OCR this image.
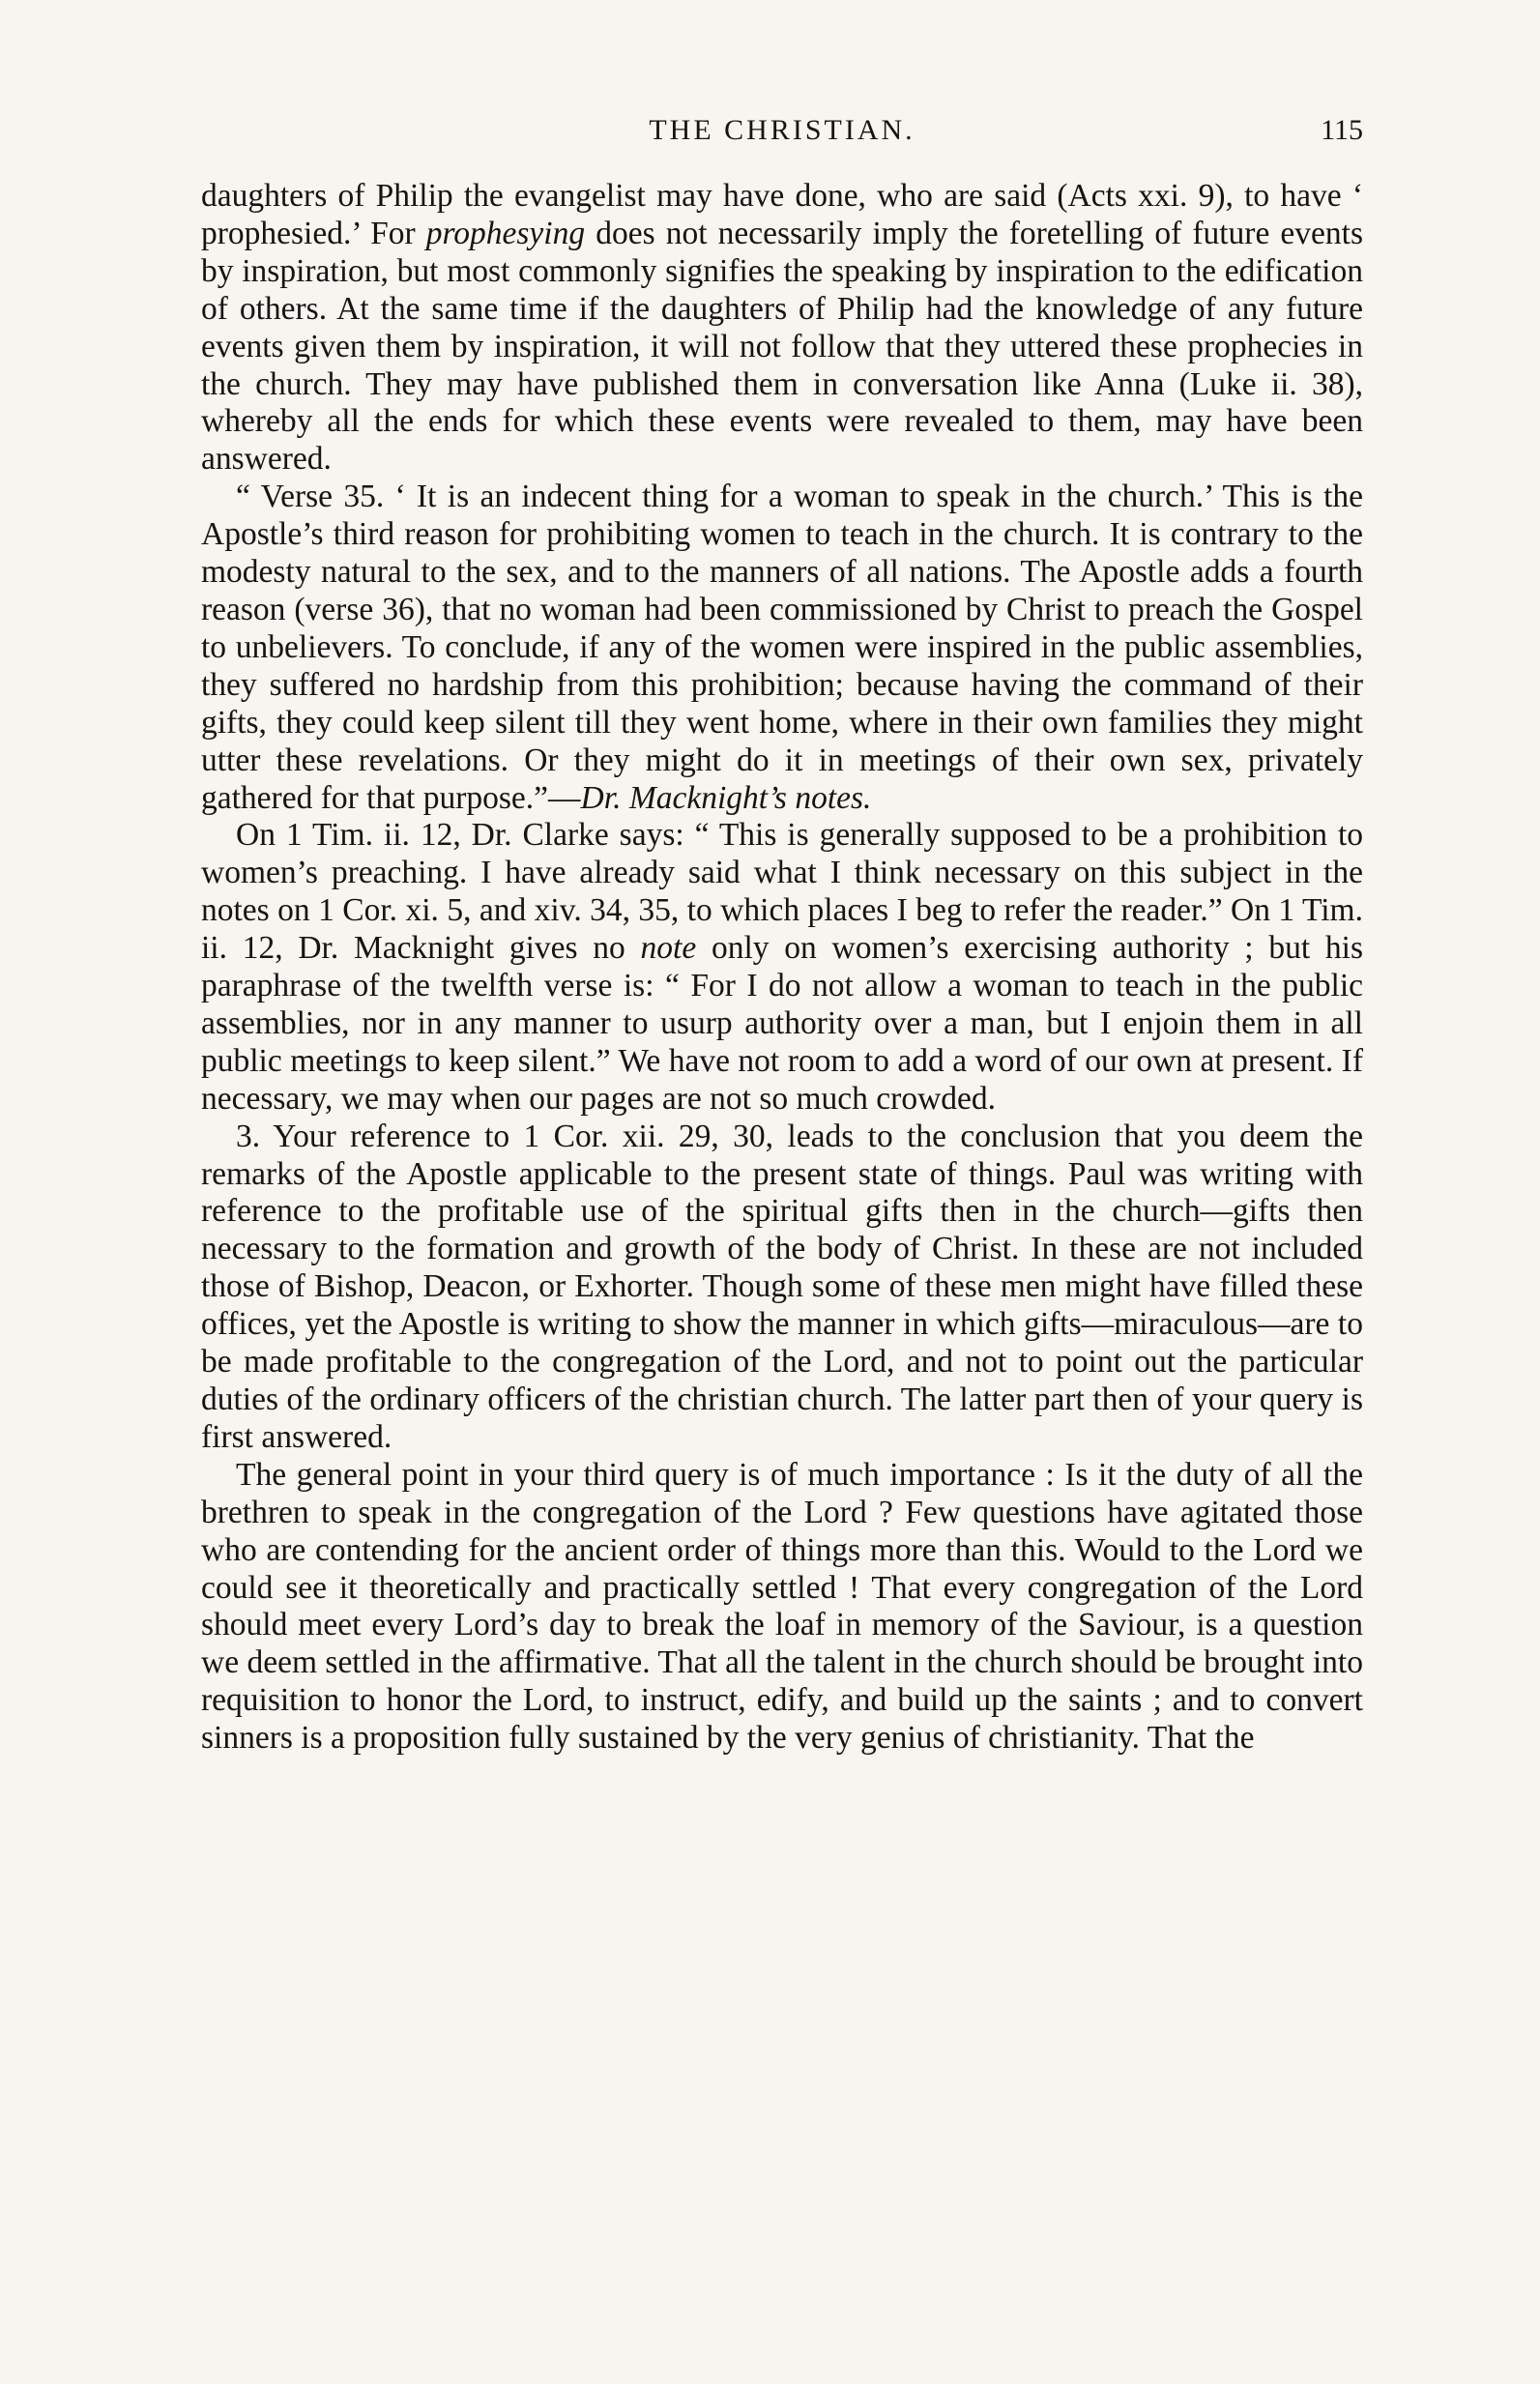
THE CHRISTIAN.	115

daughters of Philip the evangelist may have done, who are said (Acts xxi. 9), to have ‘ prophesied.’ For prophesying does not necessarily imply the foretelling of future events by inspiration, but most commonly signifies the speaking by inspiration to the edification of others. At the same time if the daughters of Philip had the knowledge of any future events given them by inspiration, it will not follow that they uttered these prophecies in the church. They may have published them in conversation like Anna (Luke ii. 38), whereby all the ends for which these events were revealed to them, may have been answered.

“ Verse 35. ‘ It is an indecent thing for a woman to speak in the church.’ This is the Apostle’s third reason for prohibiting women to teach in the church. It is contrary to the modesty natural to the sex, and to the manners of all nations. The Apostle adds a fourth reason (verse 36), that no woman had been commissioned by Christ to preach the Gospel to unbelievers. To conclude, if any of the women were inspired in the public assemblies, they suffered no hardship from this prohibition; because having the command of their gifts, they could keep silent till they went home, where in their own families they might utter these revelations. Or they might do it in meetings of their own sex, privately gathered for that purpose.”—Dr. Macknight’s notes.

On 1 Tim. ii. 12, Dr. Clarke says: “ This is generally supposed to be a prohibition to women’s preaching. I have already said what I think necessary on this subject in the notes on 1 Cor. xi. 5, and xiv. 34, 35, to which places I beg to refer the reader.” On 1 Tim. ii. 12, Dr. Macknight gives no note only on women’s exercising authority ; but his paraphrase of the twelfth verse is: “ For I do not allow a woman to teach in the public assemblies, nor in any manner to usurp authority over a man, but I enjoin them in all public meetings to keep silent.” We have not room to add a word of our own at present. If necessary, we may when our pages are not so much crowded.

3. Your reference to 1 Cor. xii. 29, 30, leads to the conclusion that you deem the remarks of the Apostle applicable to the present state of things. Paul was writing with reference to the profitable use of the spiritual gifts then in the church—gifts then necessary to the formation and growth of the body of Christ. In these are not included those of Bishop, Deacon, or Exhorter. Though some of these men might have filled these offices, yet the Apostle is writing to show the manner in which gifts—miraculous—are to be made profitable to the congregation of the Lord, and not to point out the particular duties of the ordinary officers of the christian church. The latter part then of your query is first answered.

The general point in your third query is of much importance : Is it the duty of all the brethren to speak in the congregation of the Lord ? Few questions have agitated those who are contending for the ancient order of things more than this. Would to the Lord we could see it theoretically and practically settled ! That every congregation of the Lord should meet every Lord’s day to break the loaf in memory of the Saviour, is a question we deem settled in the affirmative. That all the talent in the church should be brought into requisition to honor the Lord, to instruct, edify, and build up the saints ; and to convert sinners is a proposition fully sustained by the very genius of christianity. That the
